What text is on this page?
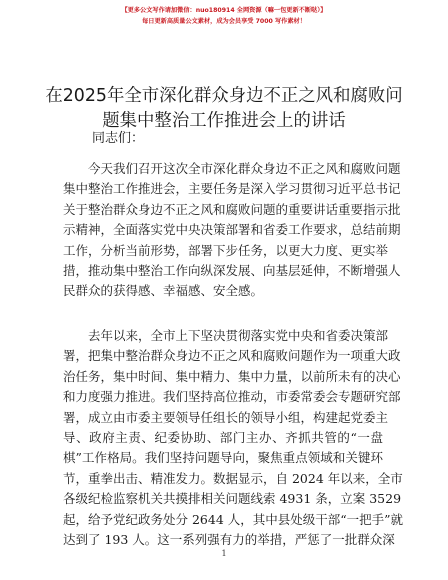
【更多公文写作请加微信：nuo180914 全网资源（嘛一包更新不断哒）】
每日更新高质量公文素材，成为会员享受 7000 写作素材！
在2025年全市深化群众身边不正之风和腐败问
题集中整治工作推进会上的讲话
同志们：
今天我们召开这次全市深化群众身边不正之风和腐败问题
集中整治工作推进会，主要任务是深入学习贯彻习近平总书记
关于整治群众身边不正之风和腐败问题的重要讲话重要指示批
示精神，全面落实党中央决策部署和省委工作要求，总结前期
工作，分析当前形势，部署下步任务，以更大力度、更实举
措，推动集中整治工作向纵深发展、向基层延伸，不断增强人
民群众的获得感、幸福感、安全感。
去年以来，全市上下坚决贯彻落实党中央和省委决策部
署，把集中整治群众身边不正之风和腐败问题作为一项重大政
治任务，集中时间、集中精力、集中力量，以前所未有的决心
和力度强力推进。我们坚持高位推动，市委常委会专题研究部
署，成立由市委主要领导任组长的领导小组，构建起党委主
导、政府主责、纪委协助、部门主办、齐抓共管的“一盘
棋”工作格局。我们坚持问题导向，聚焦重点领域和关键环
节，重拳出击、精准发力。数据显示，自 2024 年以来，全市
各级纪检监察机关共摸排相关问题线索 4931 条，立案 3529
起，给予党纪政务处分 2644 人，其中县处级干部“一把手”就
达到了 193 人。这一系列强有力的举措，严惩了一批群众深
1
